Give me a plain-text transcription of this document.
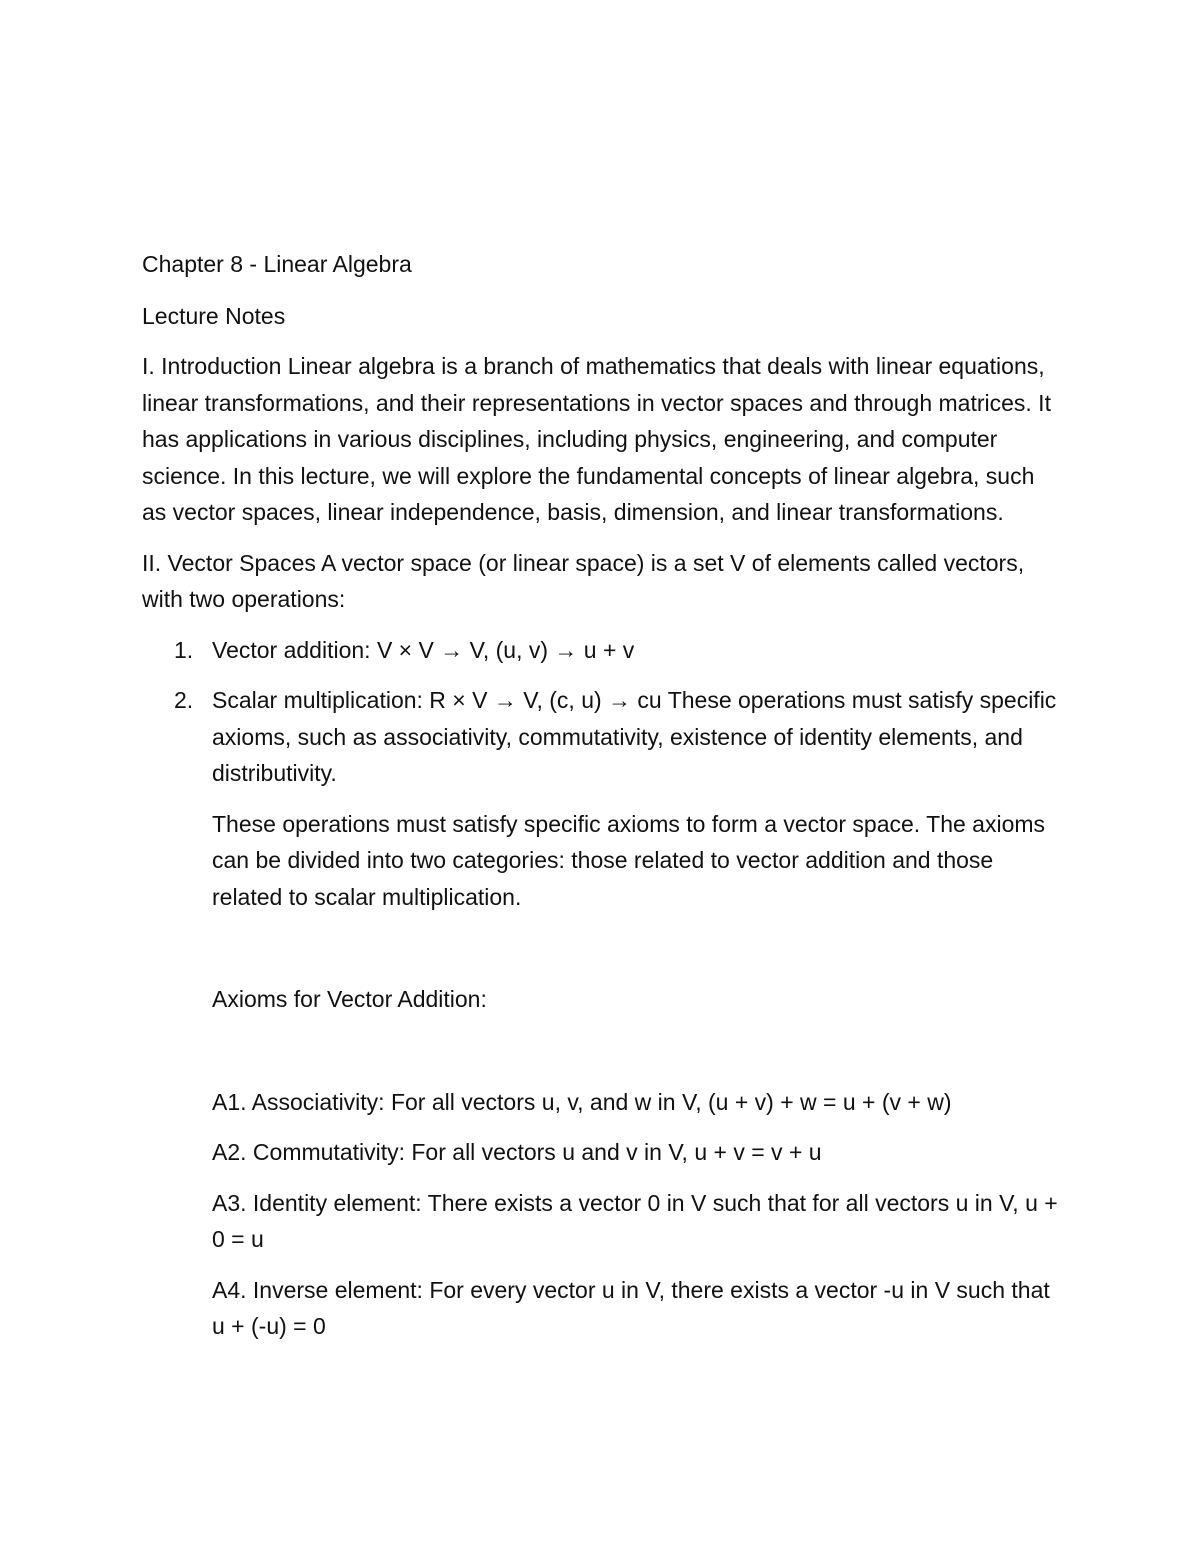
Chapter 8 - Linear Algebra

Lecture Notes

I. Introduction Linear algebra is a branch of mathematics that deals with linear equations, linear transformations, and their representations in vector spaces and through matrices. It has applications in various disciplines, including physics, engineering, and computer science. In this lecture, we will explore the fundamental concepts of linear algebra, such as vector spaces, linear independence, basis, dimension, and linear transformations.

II. Vector Spaces A vector space (or linear space) is a set V of elements called vectors, with two operations:

1. Vector addition: V × V → V, (u, v) → u + v
2. Scalar multiplication: R × V → V, (c, u) → cu These operations must satisfy specific axioms, such as associativity, commutativity, existence of identity elements, and distributivity.

These operations must satisfy specific axioms to form a vector space. The axioms can be divided into two categories: those related to vector addition and those related to scalar multiplication.

Axioms for Vector Addition:

A1. Associativity: For all vectors u, v, and w in V, (u + v) + w = u + (v + w)

A2. Commutativity: For all vectors u and v in V, u + v = v + u

A3. Identity element: There exists a vector 0 in V such that for all vectors u in V, u + 0 = u

A4. Inverse element: For every vector u in V, there exists a vector -u in V such that u + (-u) = 0
